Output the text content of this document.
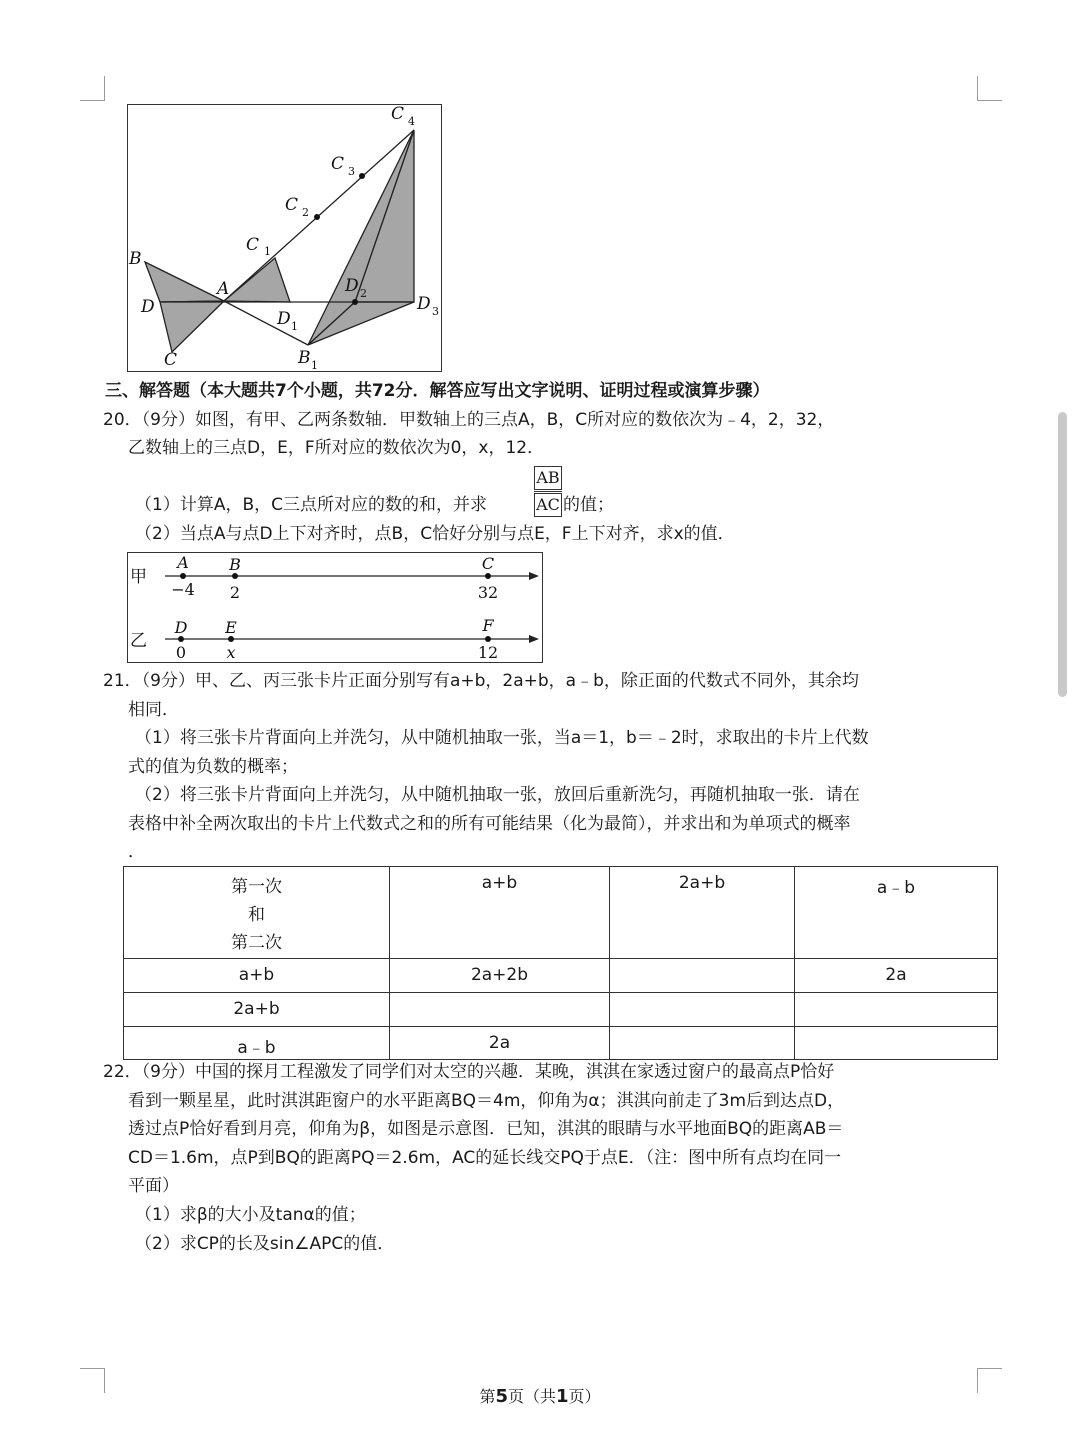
B
A
D
C
C 1
C 2
C 3
C 4
D 2
D 3
D 1
B 1
三、解答题（本大题共7个小题，共72分．解答应写出文字说明、证明过程或演算步骤）
20．（9分）如图，有甲、乙两条数轴．甲数轴上的三点A，B，C所对应的数依次为﹣4，2，32，
乙数轴上的三点D，E，F所对应的数依次为0，x，12．
（1）计算A，B，C三点所对应的数的和，并求	$\frac{AB}{AC}$ 的值；
（2）当点A与点D上下对齐时，点B，C恰好分别与点E，F上下对齐，求x的值．
甲
乙
A
−4
B
2
C
32
D
0
E
x
F
12
21．（9分）甲、乙、丙三张卡片正面分别写有a+b，2a+b，a﹣b，除正面的代数式不同外，其余均
相同．
（1）将三张卡片背面向上并洗匀，从中随机抽取一张，当a＝1，b＝﹣2时，求取出的卡片上代数
式的值为负数的概率；
（2）将三张卡片背面向上并洗匀，从中随机抽取一张，放回后重新洗匀，再随机抽取一张．请在
表格中补全两次取出的卡片上代数式之和的所有可能结果（化为最简），并求出和为单项式的概率
．
第一次
和
第二次	a+b	2a+b	a﹣b
a+b	2a+2b		2a
2a+b			
a﹣b	2a		
22．（9分）中国的探月工程激发了同学们对太空的兴趣．某晚，淇淇在家透过窗户的最高点P恰好
看到一颗星星，此时淇淇距窗户的水平距离BQ＝4m，仰角为α；淇淇向前走了3m后到达点D，
透过点P恰好看到月亮，仰角为β，如图是示意图．已知，淇淇的眼睛与水平地面BQ的距离AB＝
CD＝1.6m，点P到BQ的距离PQ＝2.6m，AC的延长线交PQ于点E．（注：图中所有点均在同一
平面）
（1）求β的大小及tanα的值；
（2）求CP的长及sin∠APC的值．
第5页（共1页）
